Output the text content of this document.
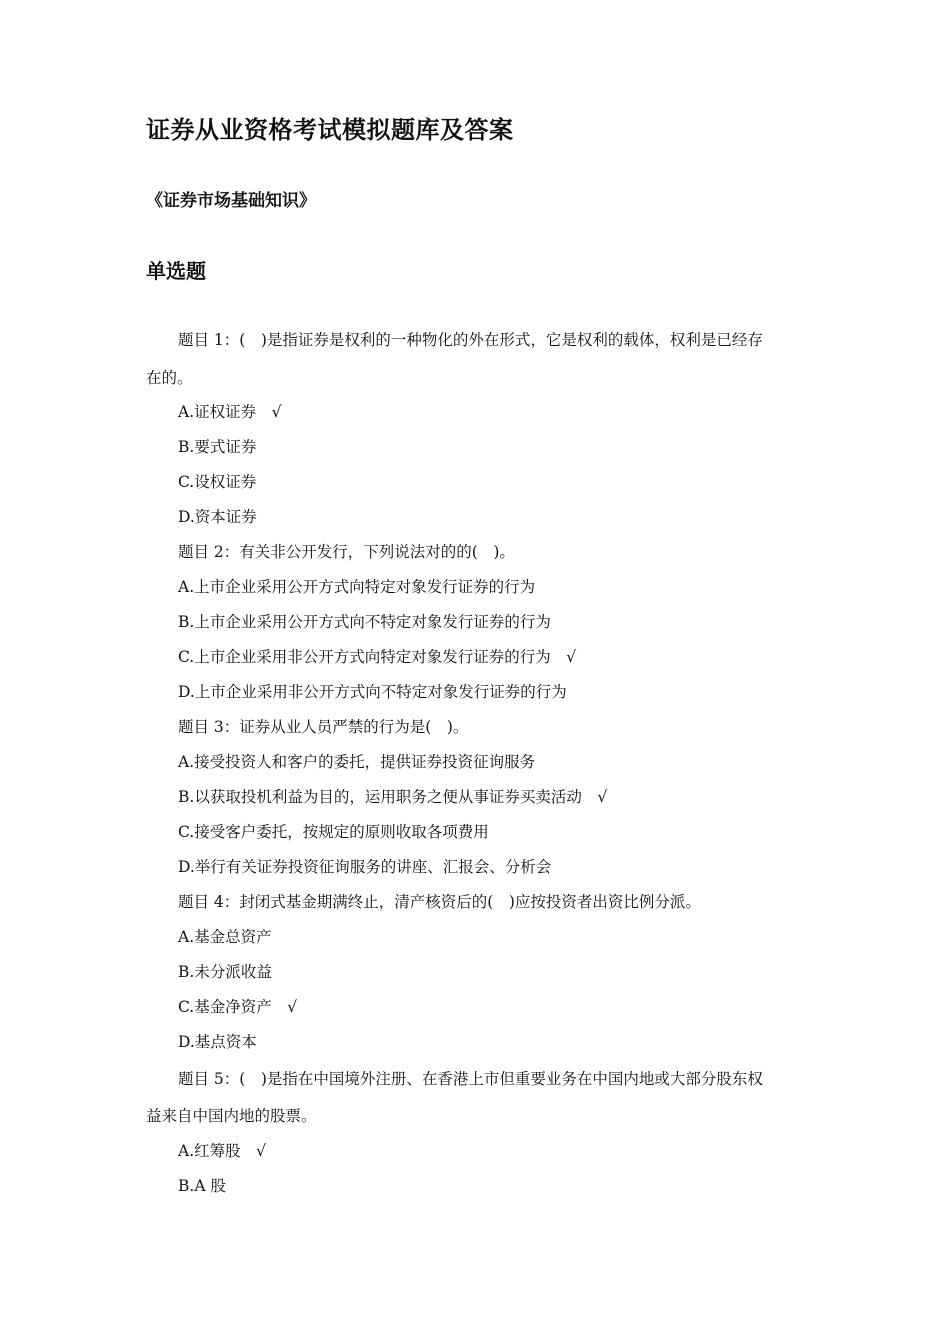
证券从业资格考试模拟题库及答案
《证券市场基础知识》
单选题
题目 1：(　)是指证券是权利的一种物化的外在形式，它是权利的载体，权利是已经存
在的。
A.证权证券　√
B.要式证券
C.设权证券
D.资本证券
题目 2：有关非公开发行，下列说法对的的(　)。
A.上市企业采用公开方式向特定对象发行证券的行为
B.上市企业采用公开方式向不特定对象发行证券的行为
C.上市企业采用非公开方式向特定对象发行证券的行为　√
D.上市企业采用非公开方式向不特定对象发行证券的行为
题目 3：证券从业人员严禁的行为是(　)。
A.接受投资人和客户的委托，提供证券投资征询服务
B.以获取投机利益为目的，运用职务之便从事证券买卖活动　√
C.接受客户委托，按规定的原则收取各项费用
D.举行有关证券投资征询服务的讲座、汇报会、分析会
题目 4：封闭式基金期满终止，清产核资后的(　)应按投资者出资比例分派。
A.基金总资产
B.未分派收益
C.基金净资产　√
D.基点资本
题目 5：(　)是指在中国境外注册、在香港上市但重要业务在中国内地或大部分股东权
益来自中国内地的股票。
A.红筹股　√
B.A 股
